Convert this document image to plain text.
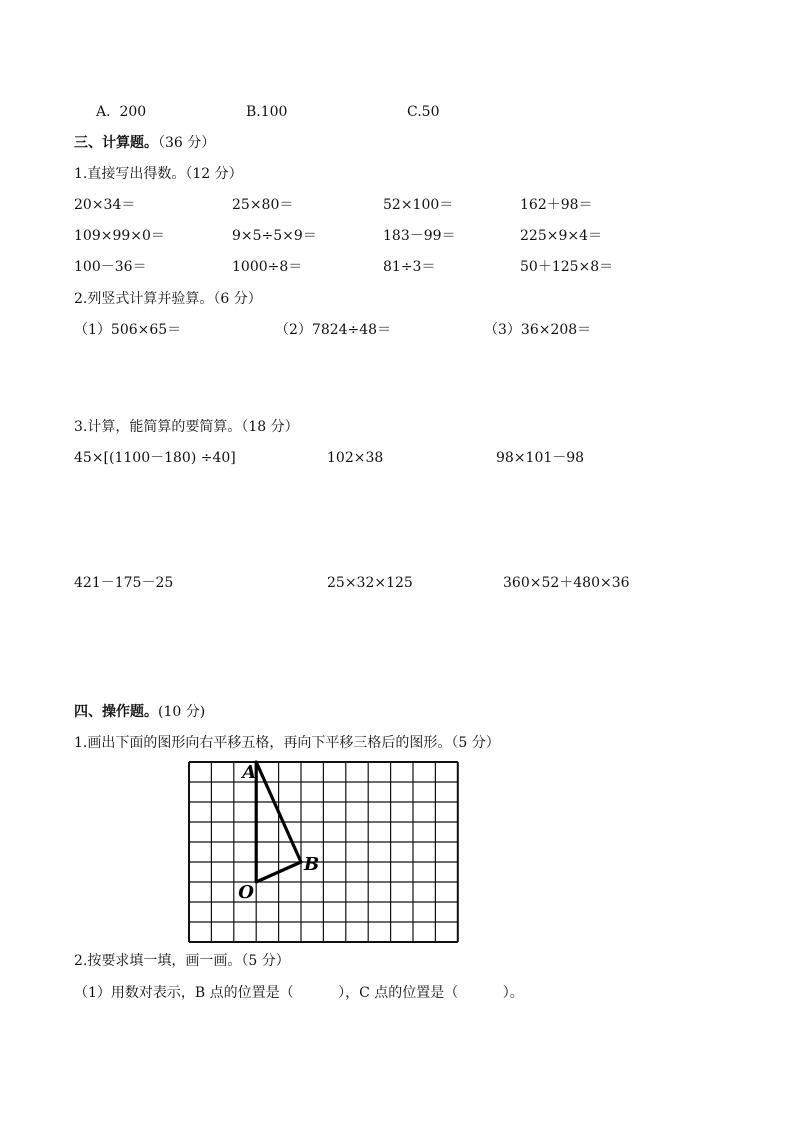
A.  200	B.100	C.50
三、计算题。（36 分）
1.直接写出得数。（12 分）
20×34＝	25×80＝	52×100＝	162＋98＝
109×99×0＝	9×5÷5×9＝	183－99＝	225×9×4＝
100－36＝	1000÷8＝	81÷3＝	50＋125×8＝
2.列竖式计算并验算。（6 分）
（1）506×65＝	（2）7824÷48＝	（3）36×208＝
3.计算，能简算的要简算。（18 分）
45×[(1100－180) ÷40]	102×38	98×101－98
421－175－25	25×32×125	360×52＋480×36
四、操作题。(10 分)
1.画出下面的图形向右平移五格，再向下平移三格后的图形。（5 分）
A
B
O
2.按要求填一填，画一画。（5 分）
（1）用数对表示，B 点的位置是（          ），C 点的位置是（          ）。
